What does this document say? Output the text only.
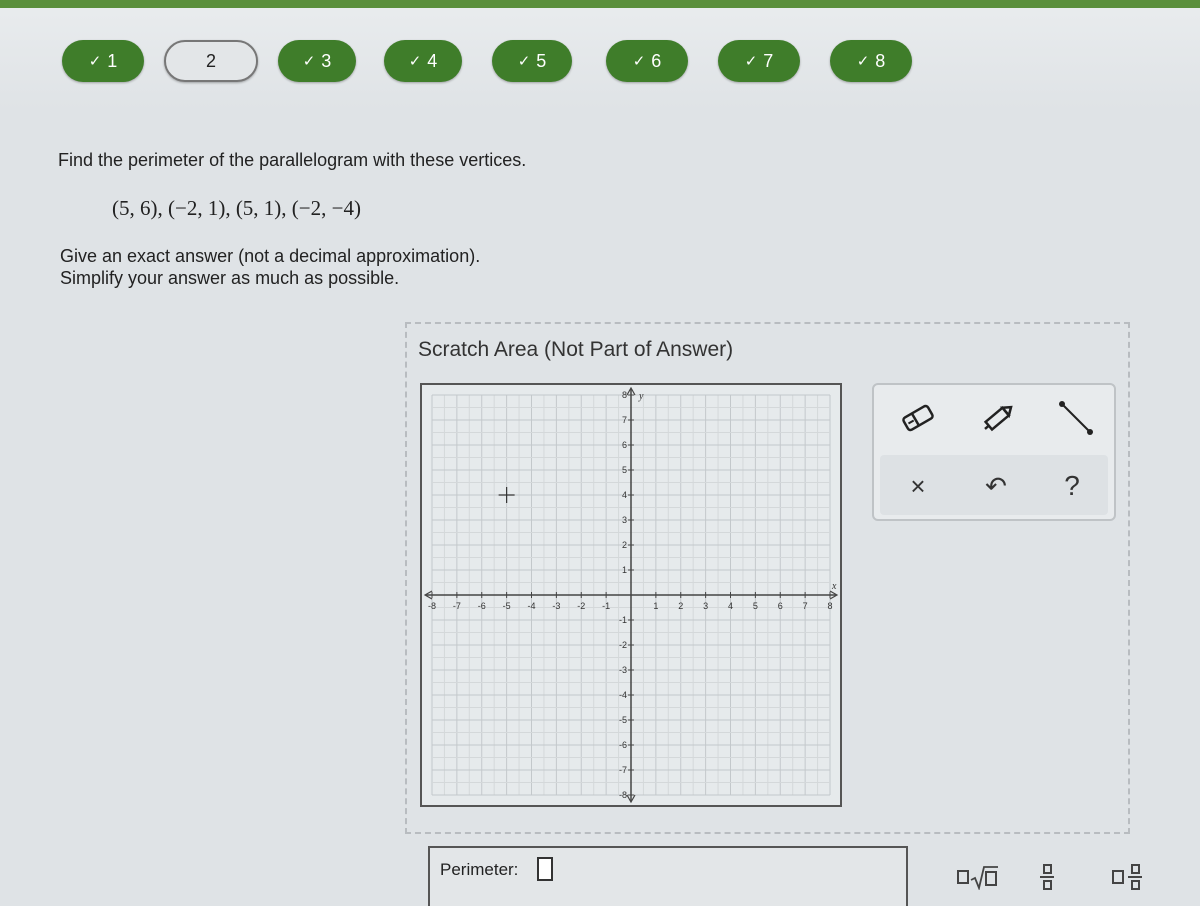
✓ 1	2	✓ 3	✓ 4	✓ 5	✓ 6	✓ 7	✓ 8
Find the perimeter of the parallelogram with these vertices.
(5, 6), (−2, 1), (5, 1), (−2, −4)
Give an exact answer (not a decimal approximation).
Simplify your answer as much as possible.
Scratch Area (Not Part of Answer)
-8 -7 -6 -5 -4 -3 -2 -1	1 2 3 4 5 6 7 8
8
7
6
5
4
3
2
1
-1
-2
-3
-4
-5
-6
-7
-8
x
y
×	↶	?
Perimeter:
